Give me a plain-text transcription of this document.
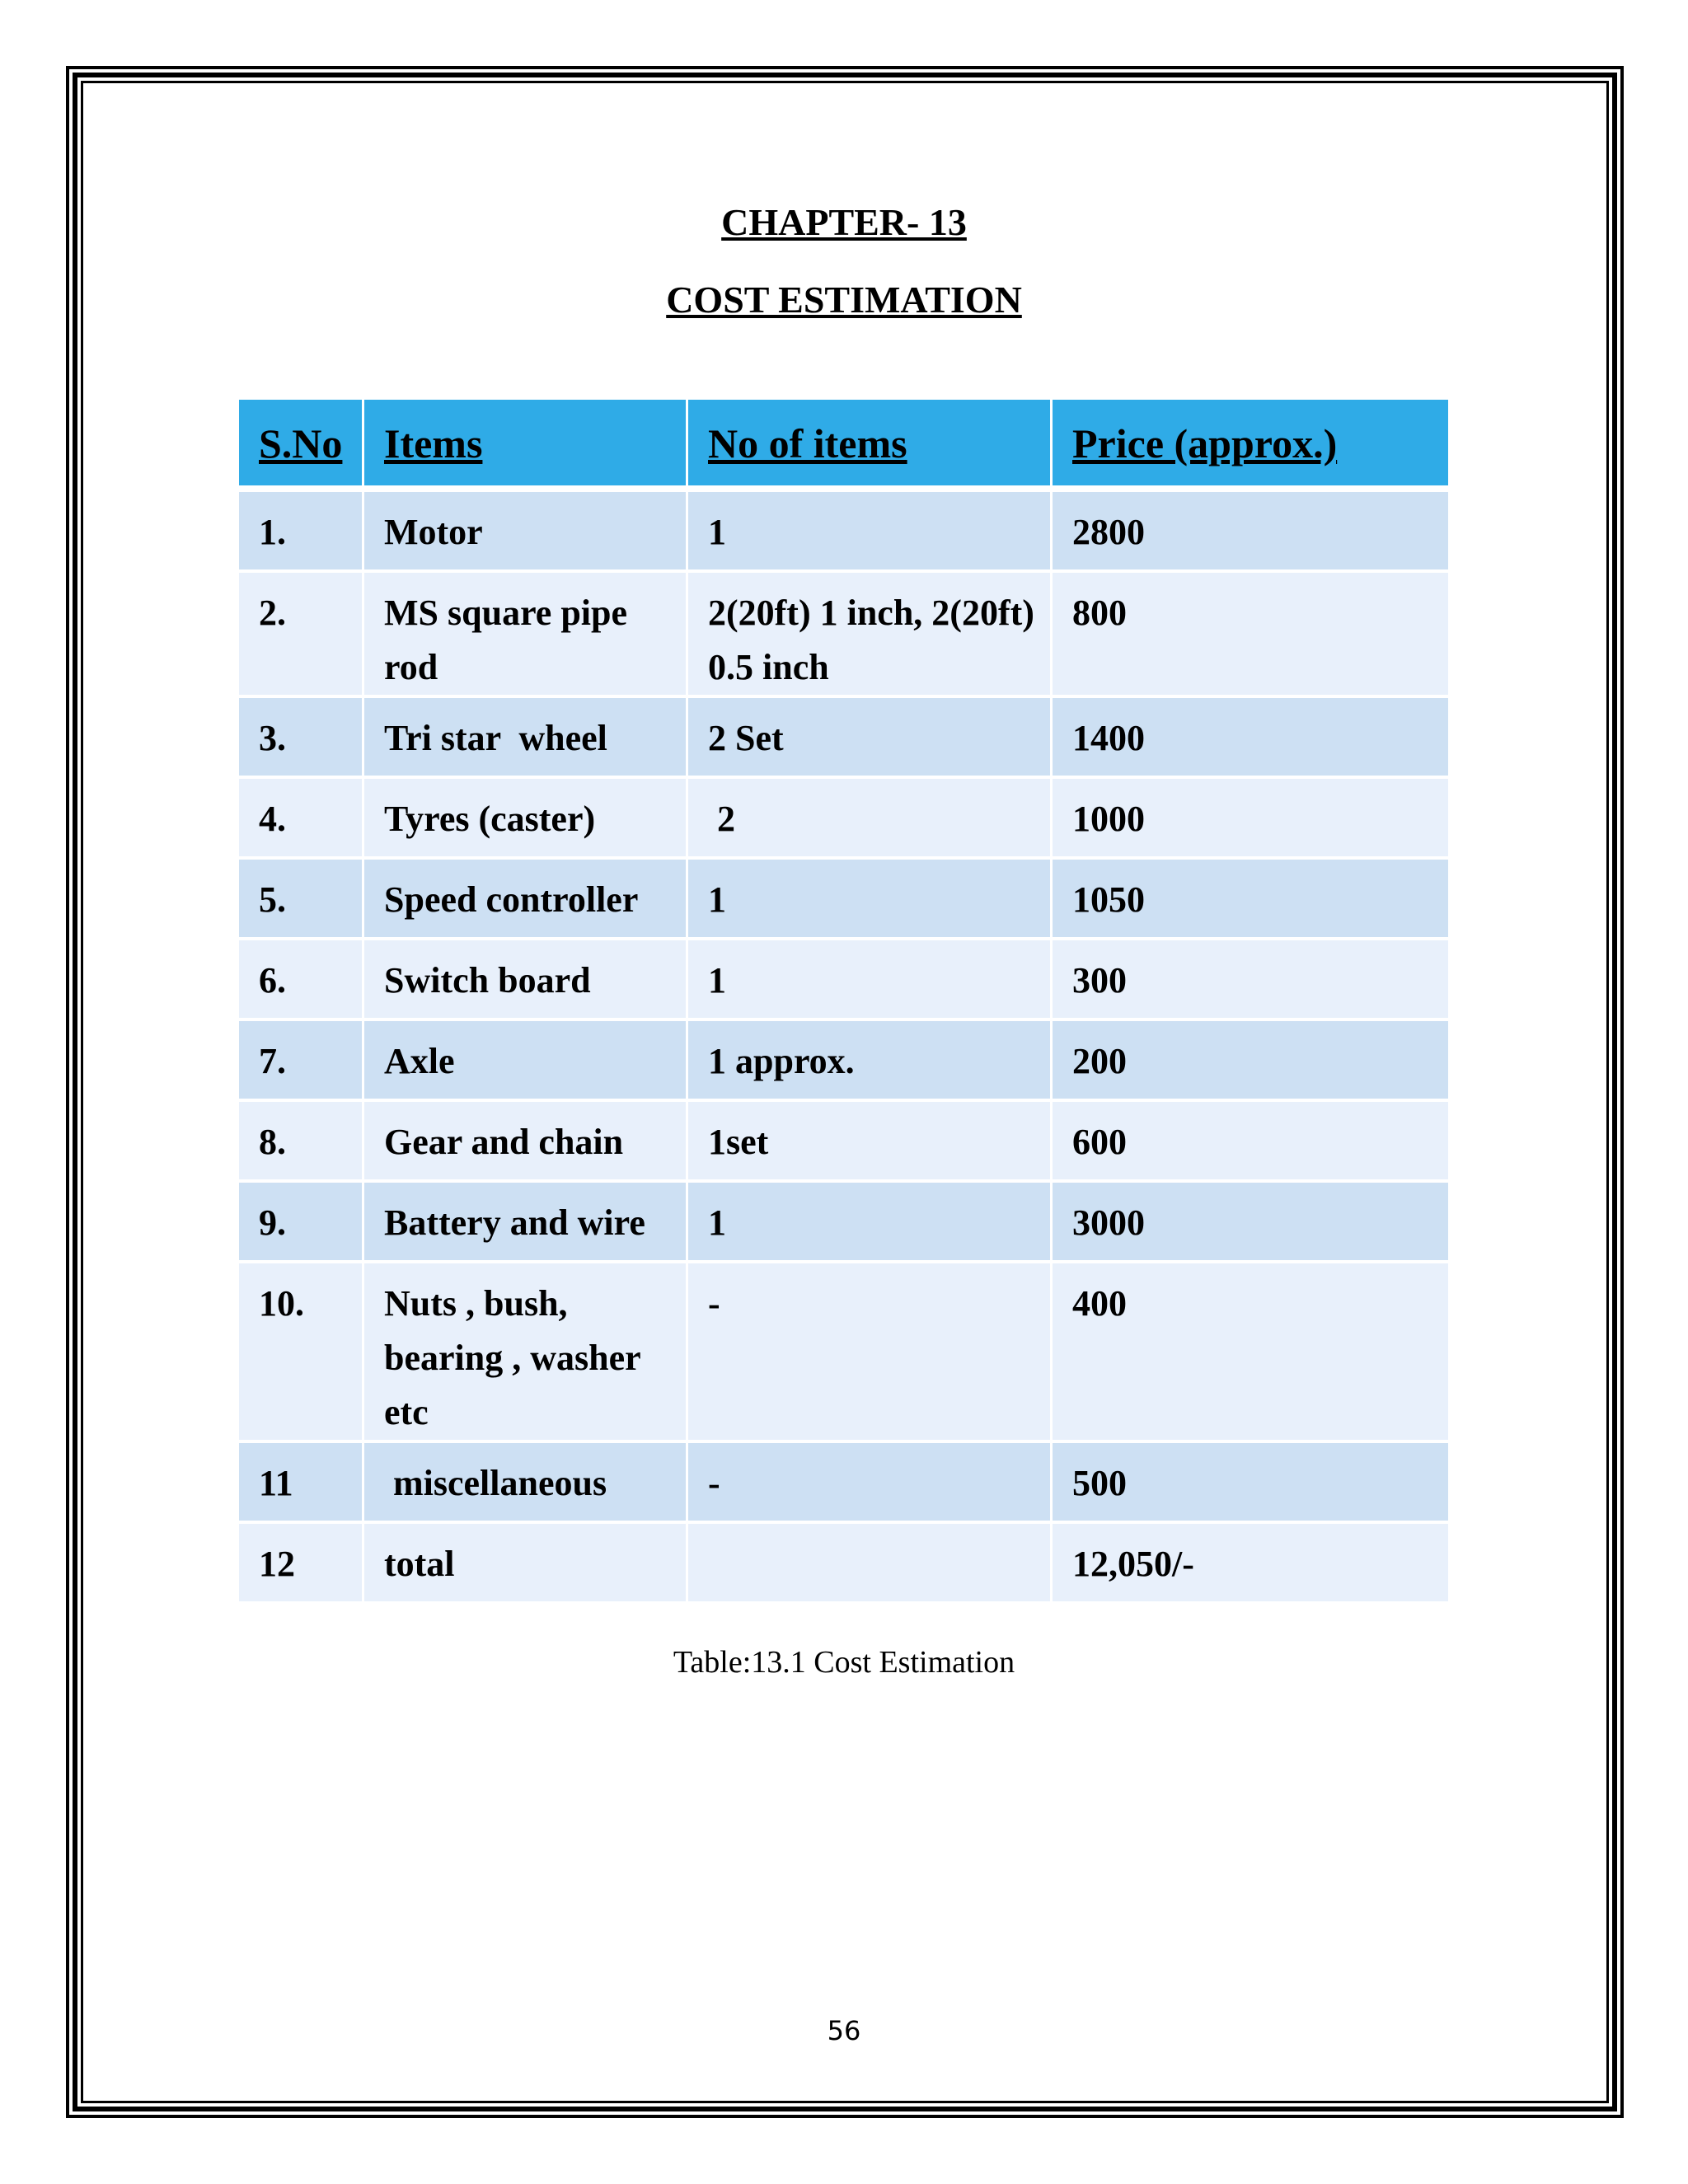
CHAPTER- 13
COST ESTIMATION
S.No	Items	No of items	Price (approx.)
1.	Motor	1	2800
2.	MS square pipe rod	2(20ft) 1 inch, 2(20ft) 0.5 inch	800
3.	Tri star  wheel	2 Set	1400
4.	Tyres (caster)	2	1000
5.	Speed controller	1	1050
6.	Switch board	1	300
7.	Axle	1 approx.	200
8.	Gear and chain	1set	600
9.	Battery and wire	1	3000
10.	Nuts , bush, bearing , washer etc	-	400
11	miscellaneous	-	500
12	total		12,050/-
Table:13.1 Cost Estimation
56
